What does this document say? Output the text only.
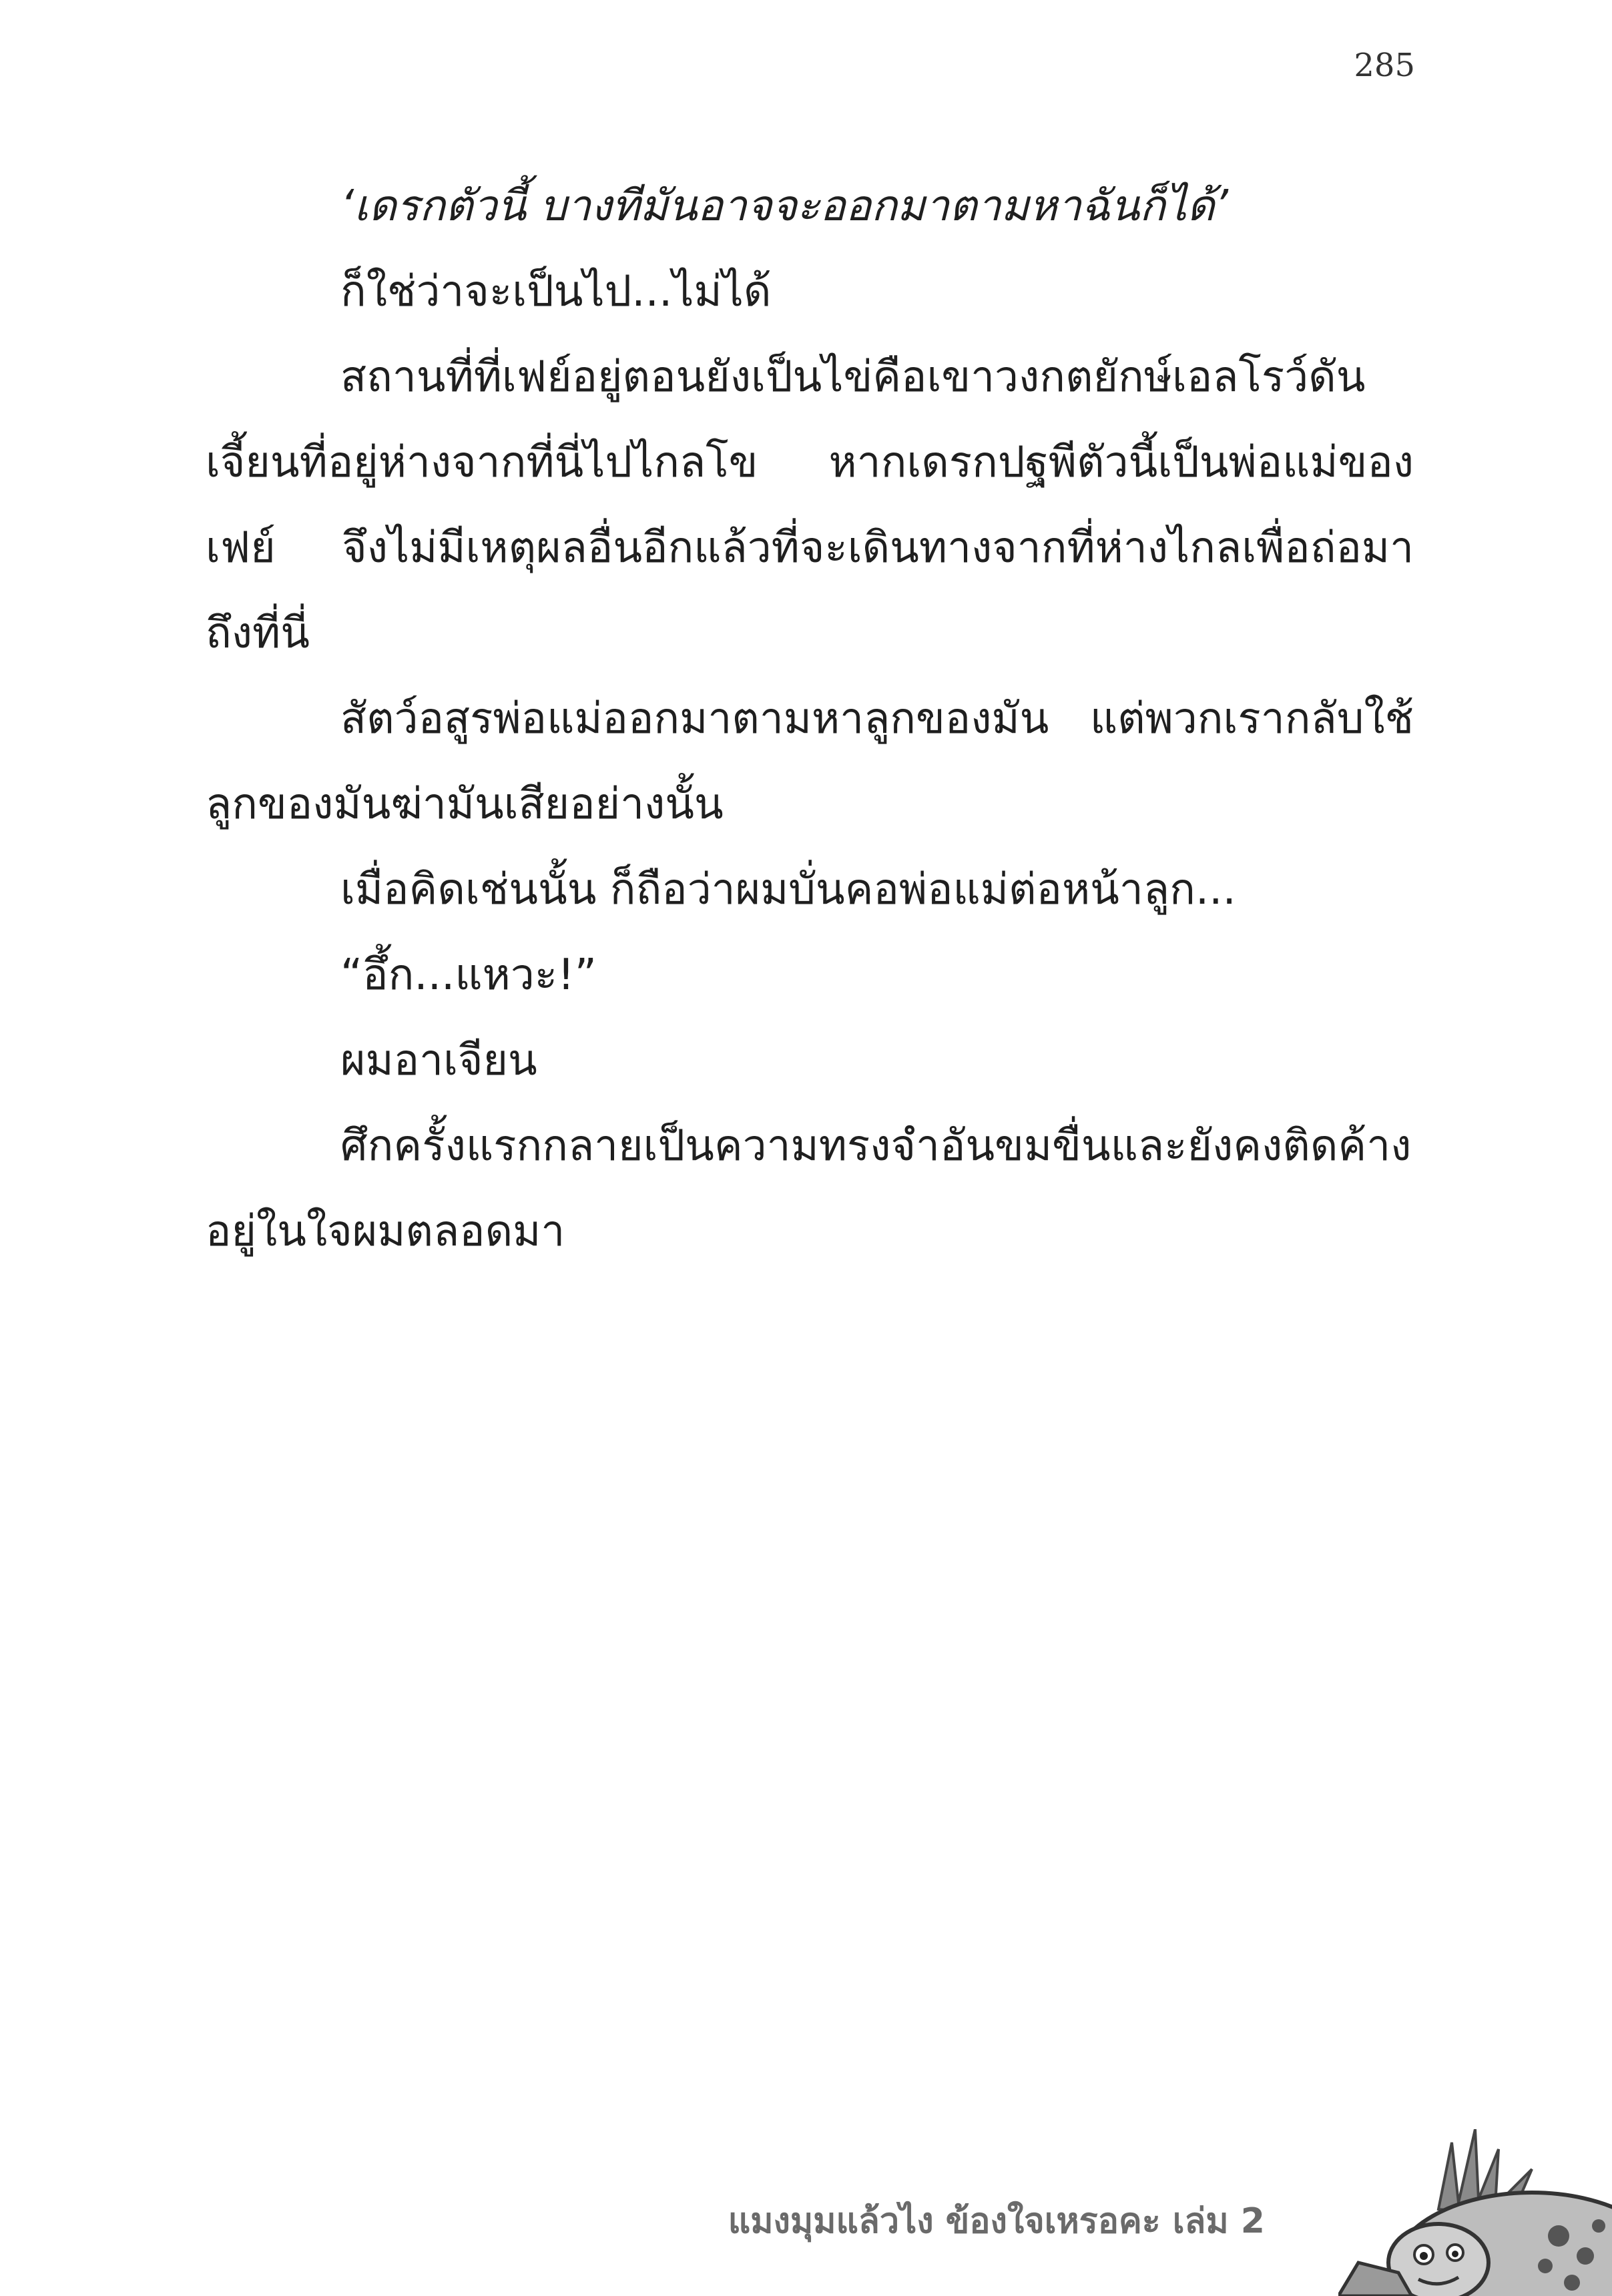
285

‘เดรกตัวนี้ บางทีมันอาจจะออกมาตามหาฉันก็ได้’

ก็ใช่ว่าจะเป็นไป...ไม่ได้

สถานที่ที่เฟย์อยู่ตอนยังเป็นไข่คือเขาวงกตยักษ์เอลโรว์ดันเจี้ยนที่อยู่ห่างจากที่นี่ไปไกลโข หากเดรกปฐพีตัวนี้เป็นพ่อแม่ของเฟย์ จึงไม่มีเหตุผลอื่นอีกแล้วที่จะเดินทางจากที่ห่างไกลเพื่อถ่อมาถึงที่นี่

สัตว์อสูรพ่อแม่ออกมาตามหาลูกของมัน แต่พวกเรากลับใช้ลูกของมันฆ่ามันเสียอย่างนั้น

เมื่อคิดเช่นนั้น ก็ถือว่าผมบั่นคอพ่อแม่ต่อหน้าลูก...

“อึ้ก...แหวะ!”

ผมอาเจียน

ศึกครั้งแรกกลายเป็นความทรงจำอันขมขื่นและยังคงติดค้างอยู่ในใจผมตลอดมา

แมงมุมแล้วไง ข้องใจเหรอคะ เล่ม 2
